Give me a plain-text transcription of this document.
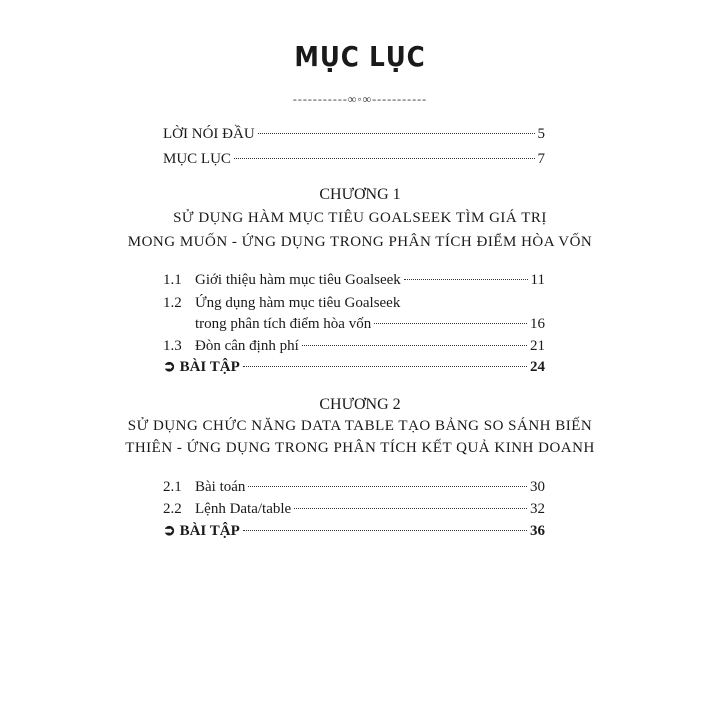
MỤC LỤC
-----------∞◦∞-----------
LỜI NÓI ĐẦU	5
MỤC LỤC	7
CHƯƠNG 1
SỬ DỤNG HÀM MỤC TIÊU GOALSEEK TÌM GIÁ TRỊ
MONG MUỐN - ỨNG DỤNG TRONG PHÂN TÍCH ĐIỂM HÒA VỐN
1.1 Giới thiệu hàm mục tiêu Goalseek	11
1.2 Ứng dụng hàm mục tiêu Goalseek
trong phân tích điểm hòa vốn	16
1.3 Đòn cân định phí	21
➲ BÀI TẬP	24
CHƯƠNG 2
SỬ DỤNG CHỨC NĂNG DATA TABLE TẠO BẢNG SO SÁNH BIẾN
THIÊN - ỨNG DỤNG TRONG PHÂN TÍCH KẾT QUẢ KINH DOANH
2.1 Bài toán	30
2.2 Lệnh Data/table	32
➲ BÀI TẬP	36
